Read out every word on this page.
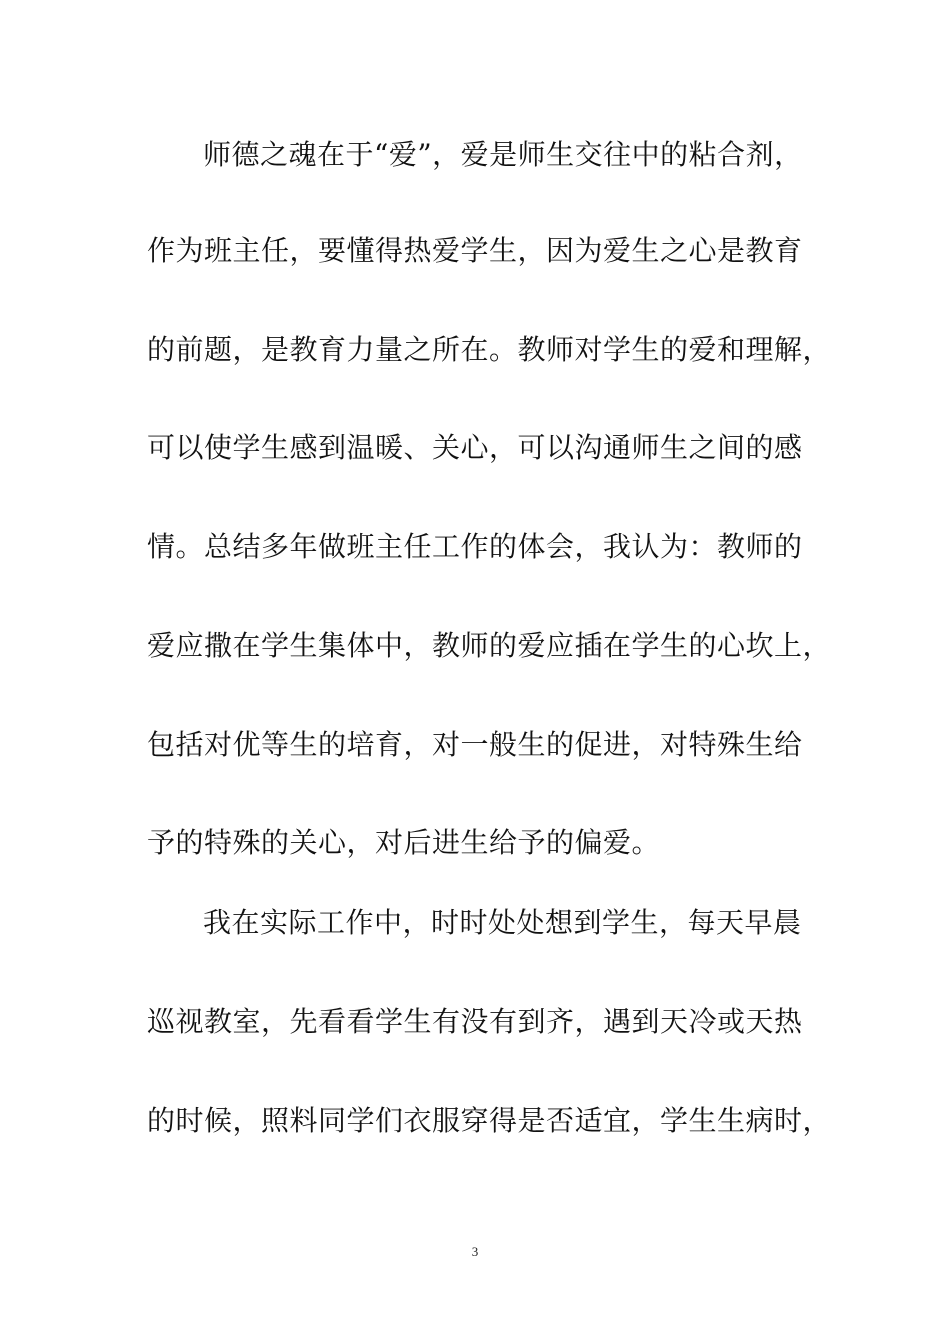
师德之魂在于“爱”，爱是师生交往中的粘合剂，
作为班主任，要懂得热爱学生，因为爱生之心是教育
的前题，是教育力量之所在。教师对学生的爱和理解，
可以使学生感到温暖、关心，可以沟通师生之间的感
情。总结多年做班主任工作的体会，我认为：教师的
爱应撒在学生集体中，教师的爱应插在学生的心坎上，
包括对优等生的培育，对一般生的促进，对特殊生给
予的特殊的关心，对后进生给予的偏爱。
我在实际工作中，时时处处想到学生，每天早晨
巡视教室，先看看学生有没有到齐，遇到天冷或天热
的时候，照料同学们衣服穿得是否适宜，学生生病时，
3
